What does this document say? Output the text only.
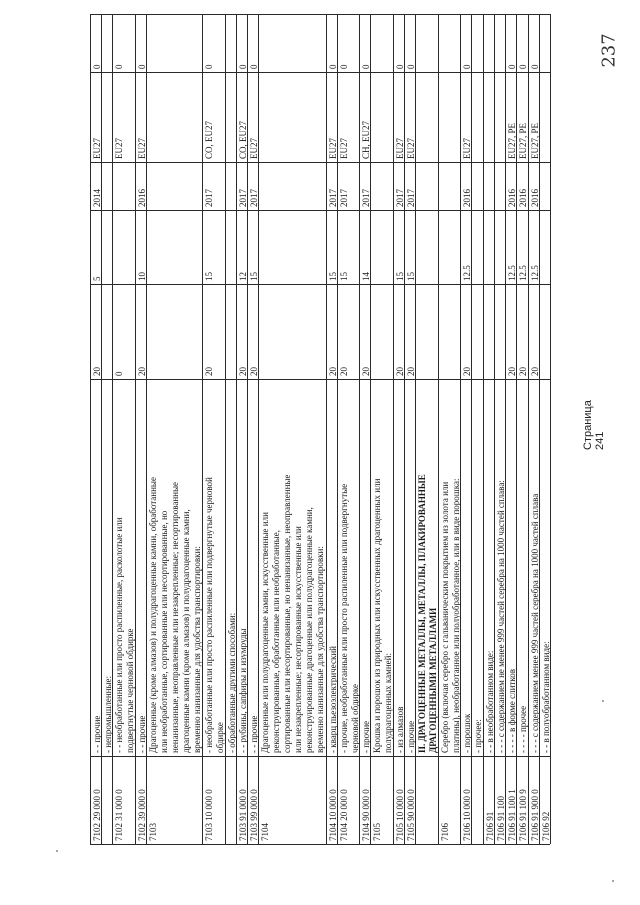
7102 29 000 0
- - прочие
20
5
2014
EU27
0
- непромышленные:
7102 31 000 0
- - необработанные или просто распиленные, расколотые или
подвергнутые черновой обдирке
0
EU27
0
7102 39 000 0
- - прочие
20
10
2016
EU27
0
7103
Драгоценные (кроме алмазов) и полудрагоценные камни, обработанные
или необработанные, сортированные или несортированные, но
ненанизанные, неоправленные или незакрепленные; несортированные
драгоценные камни (кроме алмазов) и полудрагоценные камни,
временно нанизанные для удобства транспортировки:
7103 10 000 0
- необработанные или просто распиленные или подвергнутые черновой
обдирке
20
15
2017
CO, EU27
0
- обработанные другими способами:
7103 91 000 0
- - рубины, сапфиры и изумруды
20
12
2017
CO, EU27
0
7103 99 000 0
- - прочие
20
15
2017
EU27
0
7104
Драгоценные или полудрагоценные камни, искусственные или
реконструированные, обработанные или необработанные,
сортированные или несортированные, но ненанизанные, неоправленные
или незакрепленные; несортированные искусственные или
реконструированные драгоценные или полудрагоценные камни,
временно нанизанные для удобства транспортировки:
7104 10 000 0
- кварц пьезоэлектрический
20
15
2017
EU27
0
7104 20 000 0
- прочие, необработанные или просто распиленные или подвергнутые
черновой обдирке
20
15
2017
EU27
0
7104 90 000 0
- прочие
20
14
2017
CH, EU27
0
7105
Крошка и порошок из природных или искусственных драгоценных или
полудрагоценных камней:
7105 10 000 0
- из алмазов
20
15
2017
EU27
0
7105 90 000 0
- прочие
20
15
2017
EU27
0
II. ДРАГОЦЕННЫЕ МЕТАЛЛЫ, МЕТАЛЛЫ, ПЛАКИРОВАННЫЕ
ДРАГОЦЕННЫМИ МЕТАЛЛАМИ
7106
Серебро (включая серебро с гальваническим покрытием из золота или
платины), необработанное или полуобработанное, или в виде порошка:
7106 10 000 0
- порошок
20
12.5
2016
EU27
0
- прочее:
7106 91
- - в необработанном виде:
7106 91 100
- - - с содержанием не менее 999 частей серебра на 1000 частей сплава:
7106 91 100 1
- - - - в форме слитков
20
12.5
2016
EU27, PE
0
7106 91 100 9
- - - - прочее
20
12.5
2016
EU27, PE
0
7106 91 900 0
- - - с содержанием менее 999 частей серебра на 1000 частей сплава
20
12.5
2016
EU27, PE
0
7106 92
- - в полуобработанном виде:
Страница 241
237
